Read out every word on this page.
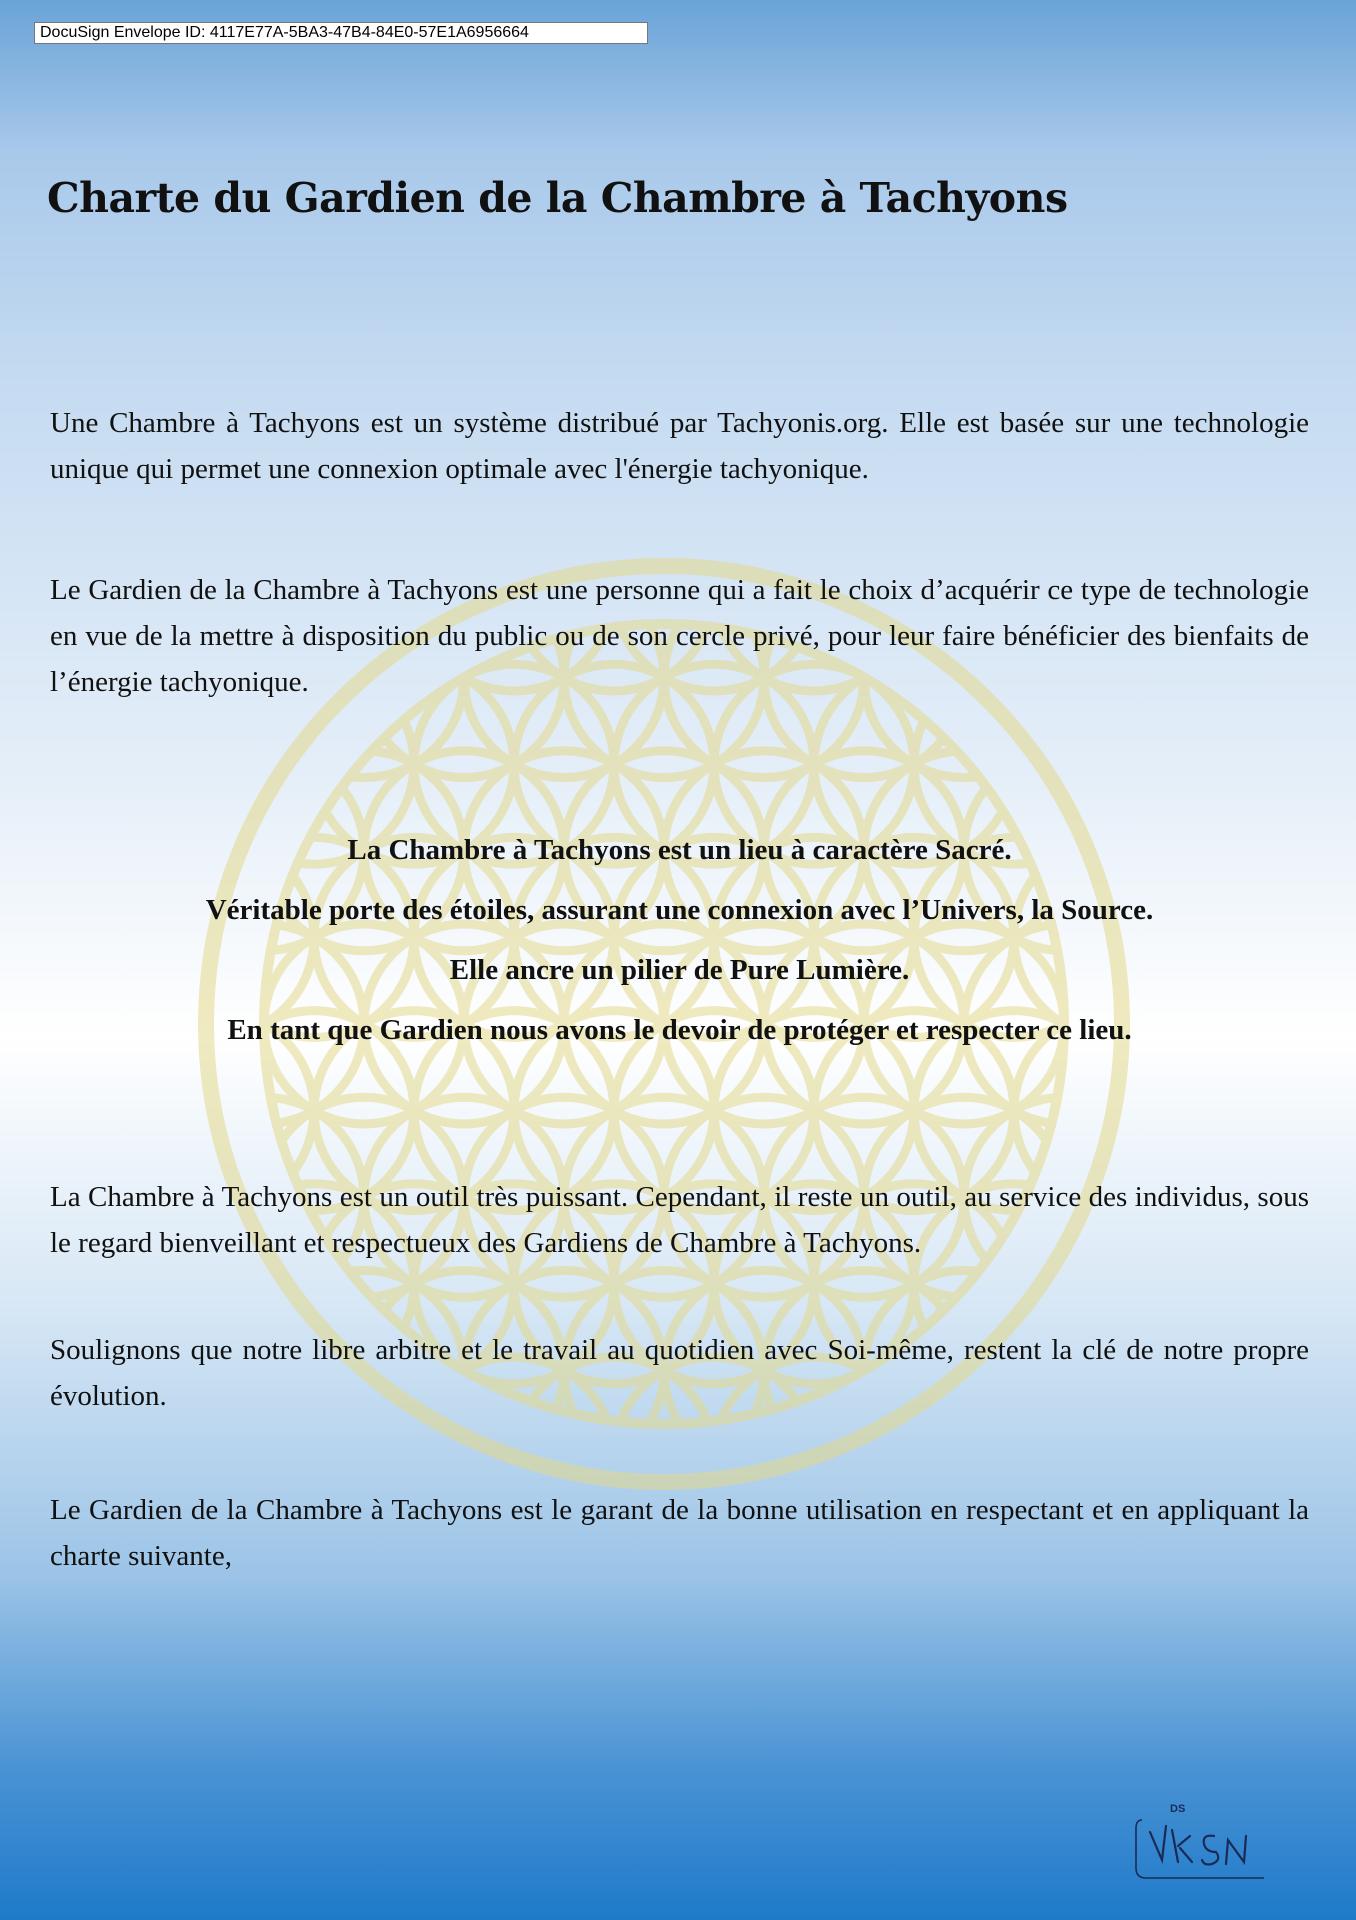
DocuSign Envelope ID: 4117E77A-5BA3-47B4-84E0-57E1A6956664
Charte du Gardien de la Chambre à Tachyons

Une Chambre à Tachyons est un système distribué par Tachyonis.org. Elle est basée sur une technologie unique qui permet une connexion optimale avec l'énergie tachyonique.

Le Gardien de la Chambre à Tachyons est une personne qui a fait le choix d’acquérir ce type de technologie en vue de la mettre à disposition du public ou de son cercle privé, pour leur faire bénéficier des bienfaits de l’énergie tachyonique.

La Chambre à Tachyons est un lieu à caractère Sacré.
Véritable porte des étoiles, assurant une connexion avec l’Univers, la Source.
Elle ancre un pilier de Pure Lumière.
En tant que Gardien nous avons le devoir de protéger et respecter ce lieu.

La Chambre à Tachyons est un outil très puissant. Cependant, il reste un outil, au service des individus, sous le regard bienveillant et respectueux des Gardiens de Chambre à Tachyons.

Soulignons que notre libre arbitre et le travail au quotidien avec Soi-même, restent la clé de notre propre évolution.

Le Gardien de la Chambre à Tachyons est le garant de la bonne utilisation en respectant et en appliquant la charte suivante,

DS
